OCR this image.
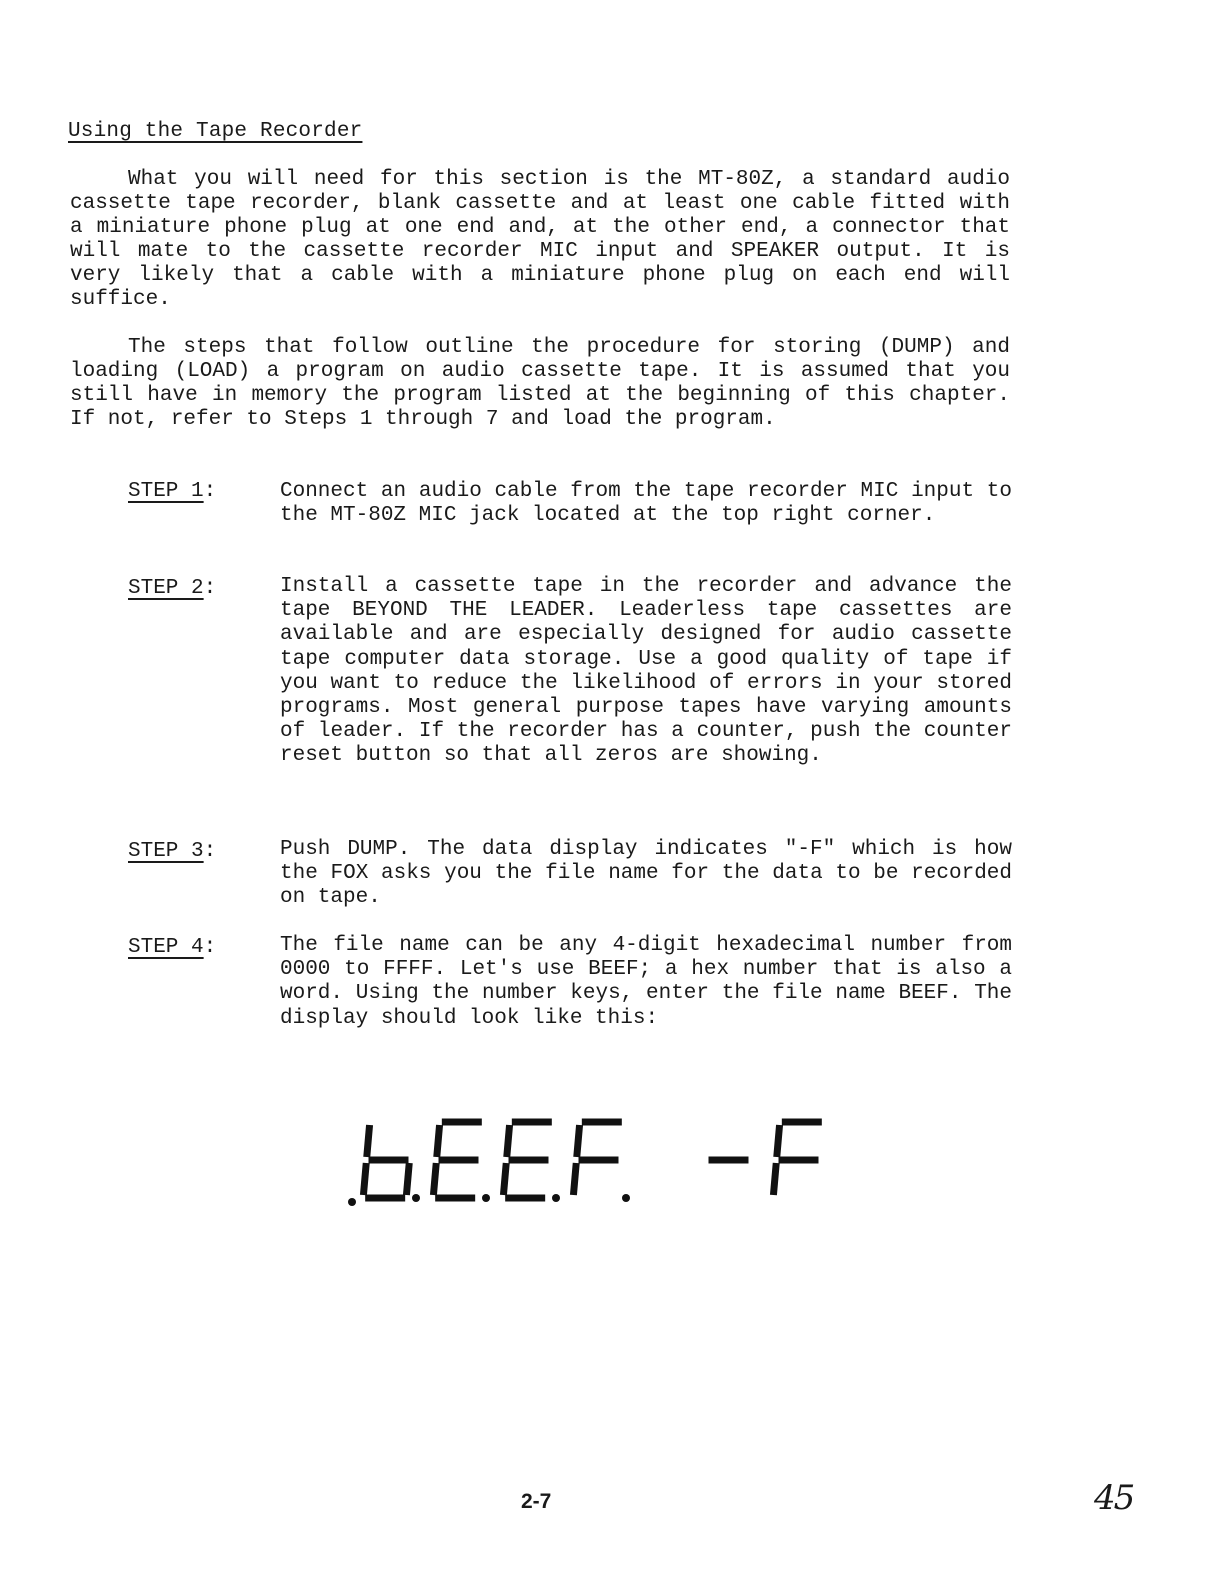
Using the Tape Recorder

What you will need for this section is the MT-80Z, a standard audio cassette tape recorder, blank cassette and at least one cable fitted with a miniature phone plug at one end and, at the other end, a connector that will mate to the cassette recorder MIC input and SPEAKER output. It is very likely that a cable with a miniature phone plug on each end will suffice.

The steps that follow outline the procedure for storing (DUMP) and loading (LOAD) a program on audio cassette tape. It is assumed that you still have in memory the program listed at the beginning of this chapter. If not, refer to Steps 1 through 7 and load the program.

STEP 1:	Connect an audio cable from the tape recorder MIC input to the MT-80Z MIC jack located at the top right corner.

STEP 2:	Install a cassette tape in the recorder and advance the tape BEYOND THE LEADER. Leaderless tape cassettes are available and are especially designed for audio cassette tape computer data storage. Use a good quality of tape if you want to reduce the likelihood of errors in your stored programs. Most general purpose tapes have varying amounts of leader. If the recorder has a counter, push the counter reset button so that all zeros are showing.

STEP 3:	Push DUMP. The data display indicates "-F" which is how the FOX asks you the file name for the data to be recorded on tape.

STEP 4:	The file name can be any 4-digit hexadecimal number from 0000 to FFFF. Let's use BEEF; a hex number that is also a word. Using the number keys, enter the file name BEEF. The display should look like this:

2-7	45
